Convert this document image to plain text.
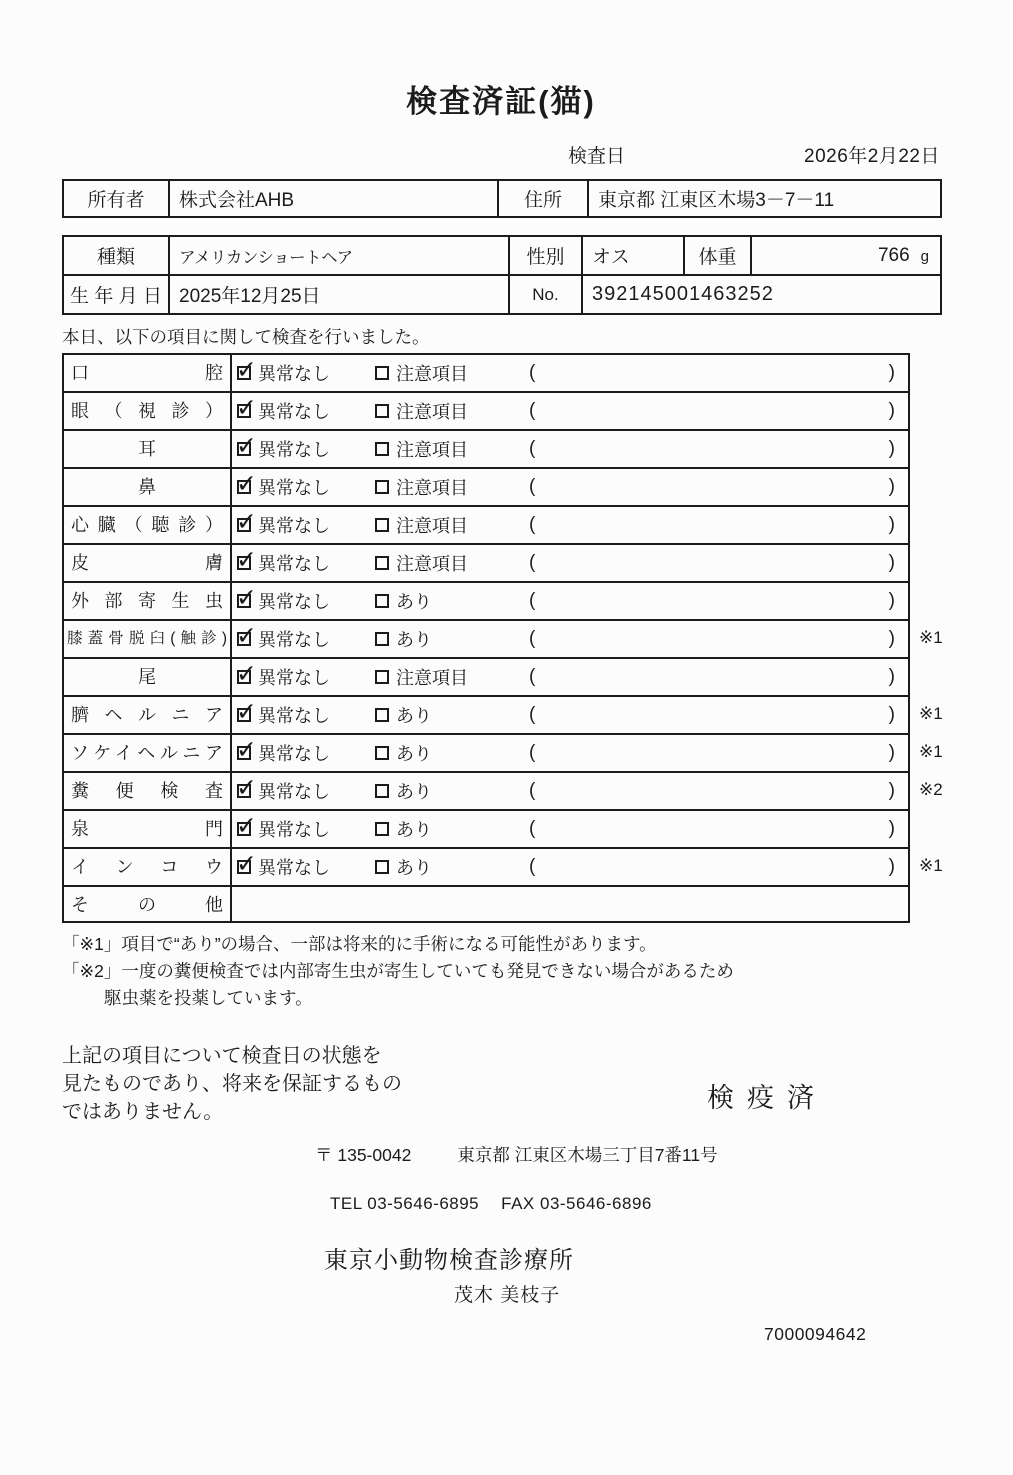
検査済証(猫)
検査日	2026年2月22日
所有者	株式会社AHB	住所	東京都 江東区木場3－7－11
種類	アメリカンショートヘア	性別	オス	体重	766 g

生年月日	2025年12月25日	No.	392145001463252		
本日、以下の項目に関して検査を行いました。
口 腔 ✓	異常なし	注意項目	(	)
眼 （ 視 診 ） ✓	異常なし	注意項目	(	)
耳 ✓	異常なし	注意項目	(	)
鼻 ✓	異常なし	注意項目	(	)
心 臓 （ 聴 診 ） ✓	異常なし	注意項目	(	)
皮 膚 ✓	異常なし	注意項目	(	)
外 部 寄 生 虫 ✓	異常なし	あり	(	)
膝蓋骨脱臼(触診) ✓ 異常なし	あり	(	)	※1
尾 ✓	異常なし	注意項目	(	)
臍 ヘ ル ニ ア ✓	異常なし	あり	(	)	※1
ソケイヘルニア ✓	異常なし	あり	(	)	※1
糞 便 検 査 ✓	異常なし	あり	(	)	※2
泉 門 ✓	異常なし	あり	(	)
イ ン コ ウ ✓	異常なし	あり	(	)	※1
そ の 他
「※1」項目で“あり”の場合、一部は将来的に手術になる可能性があります。
「※2」一度の糞便検査では内部寄生虫が寄生していても発見できない場合があるため
駆虫薬を投薬しています。
上記の項目について検査日の状態を
見たものであり、将来を保証するもの
ではありません。	検疫済
〒 135-0042	東京都 江東区木場三丁目7番11号
TEL 03-5646-6895 FAX 03-5646-6896
東京小動物検査診療所
茂木 美枝子
7000094642
